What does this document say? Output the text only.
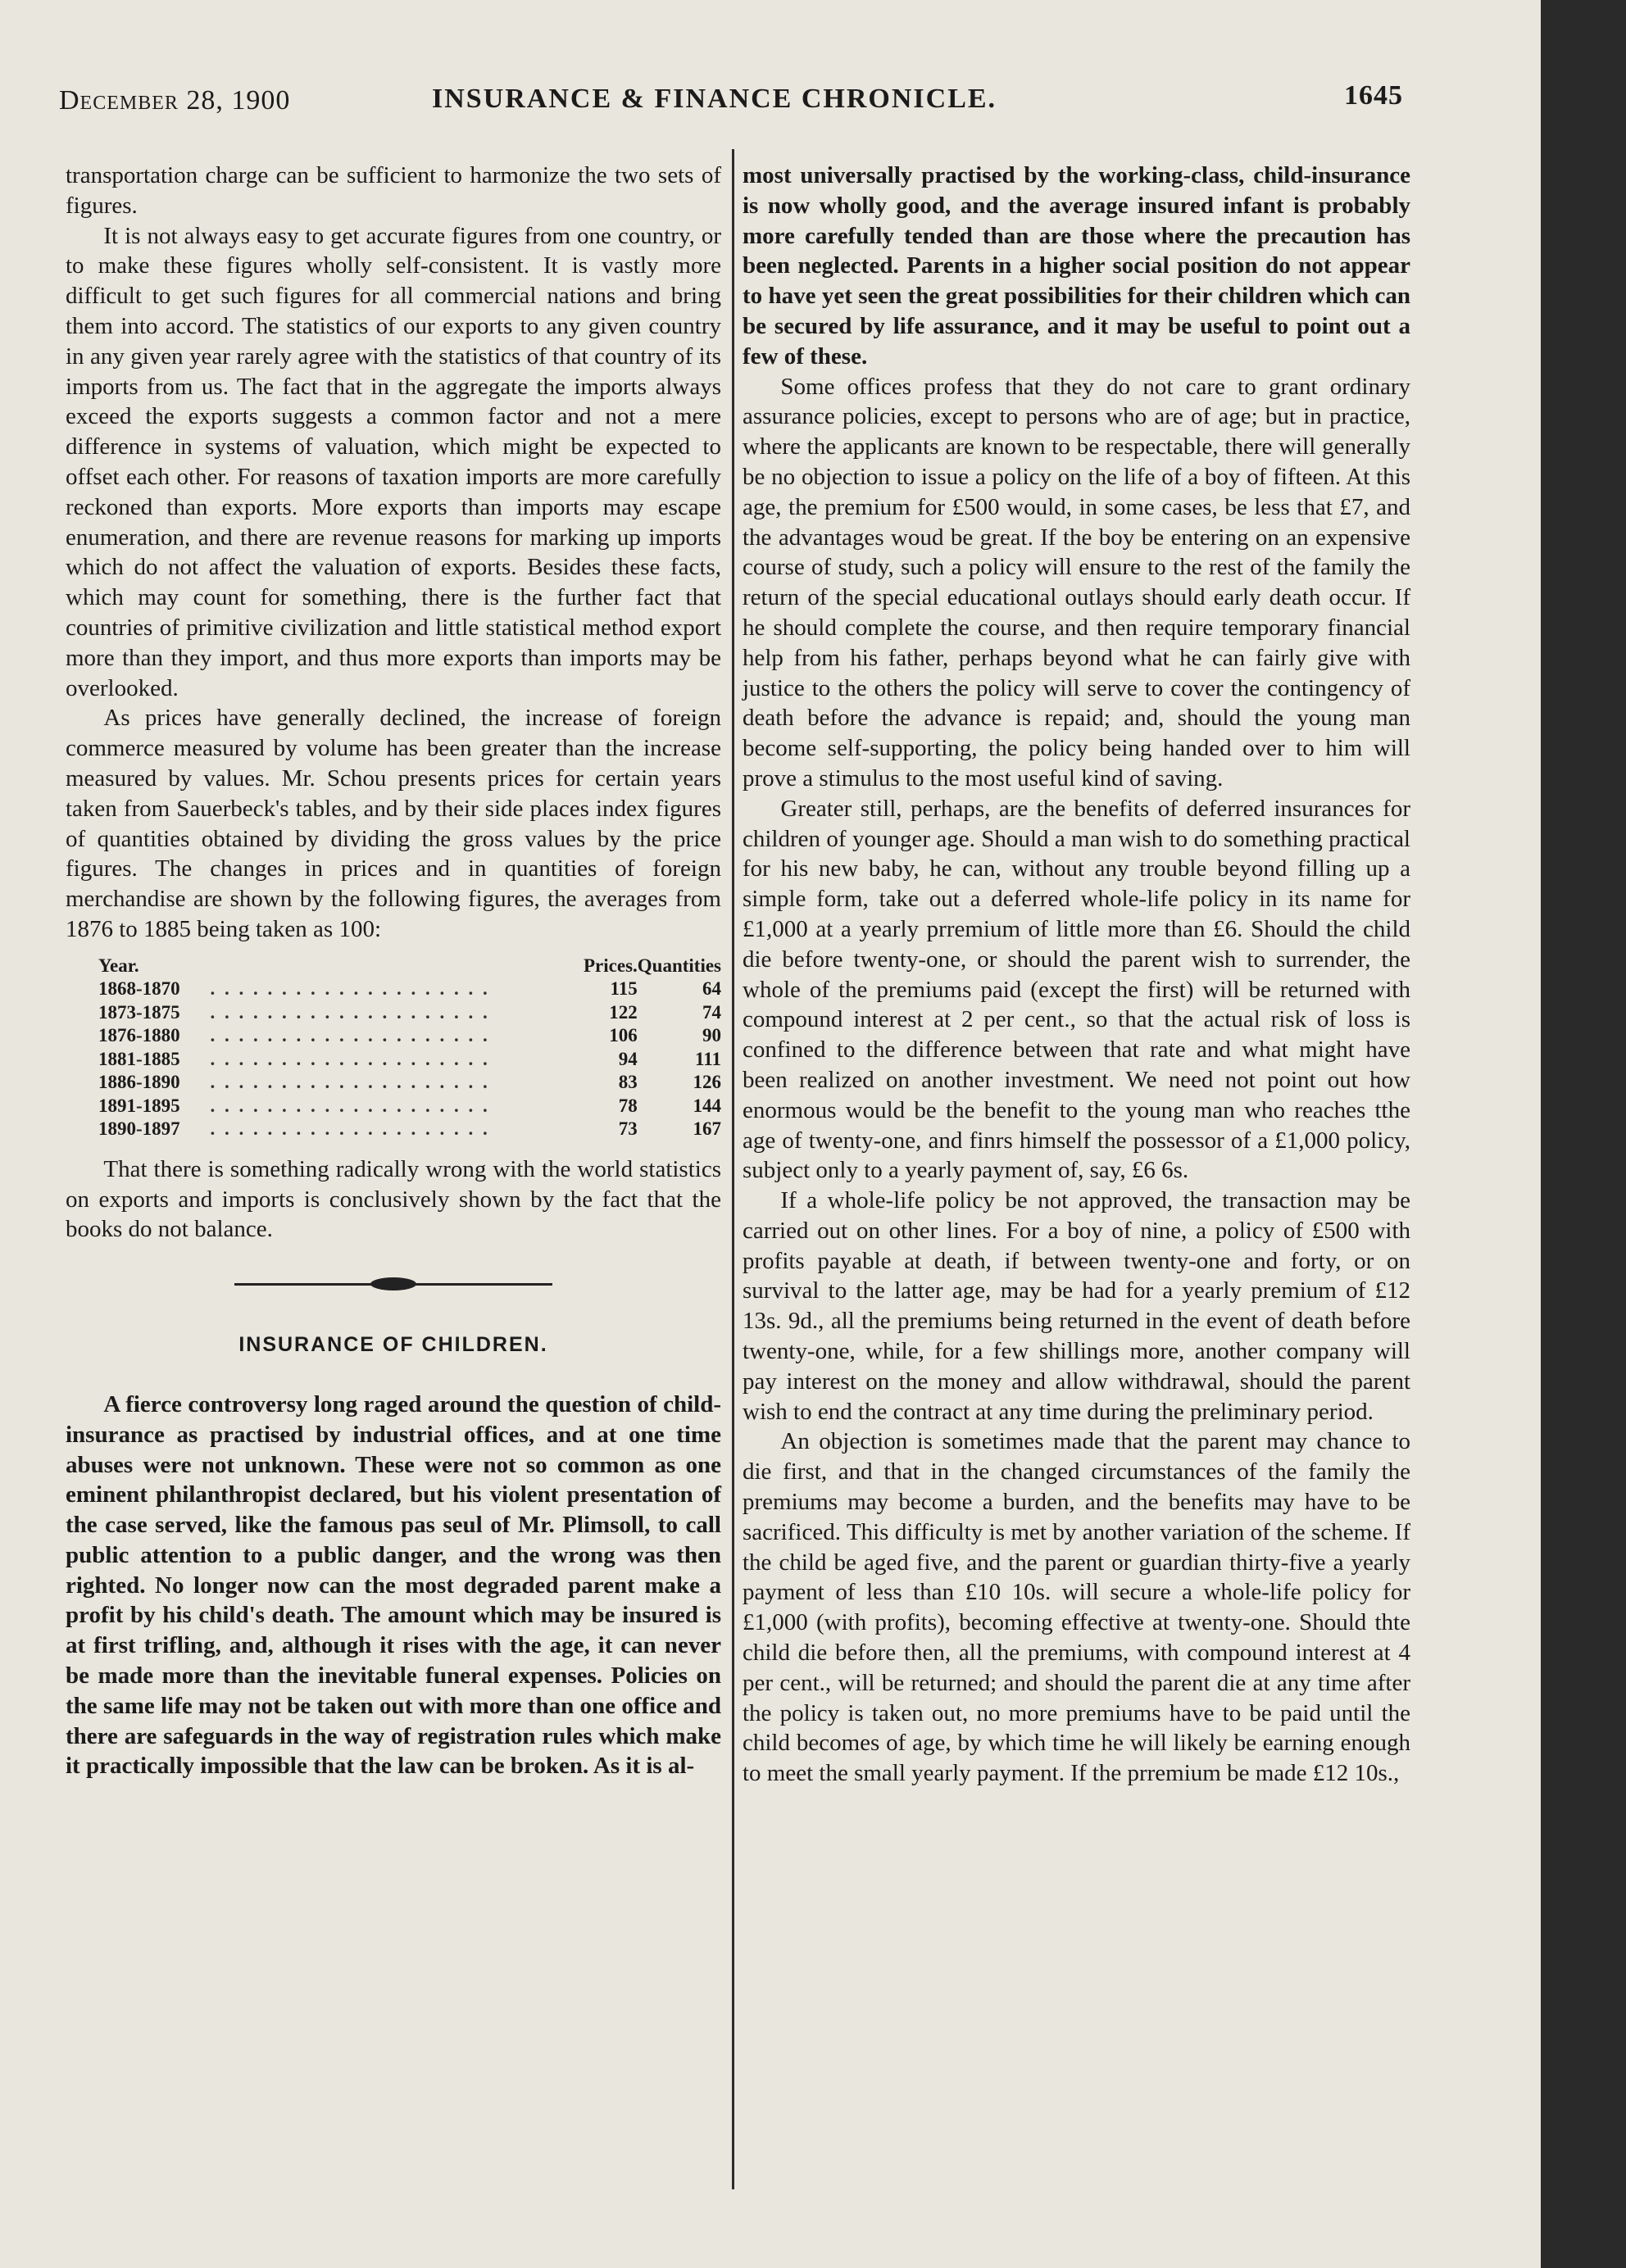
December 28, 1900	INSURANCE & FINANCE CHRONICLE.	1645

transportation charge can be sufficient to harmonize the two sets of figures.

It is not always easy to get accurate figures from one country, or to make these figures wholly self-consistent. It is vastly more difficult to get such figures for all commercial nations and bring them into accord. The statistics of our exports to any given country in any given year rarely agree with the statistics of that country of its imports from us. The fact that in the aggregate the imports always exceed the exports suggests a common factor and not a mere difference in systems of valuation, which might be expected to offset each other. For reasons of taxation imports are more carefully reckoned than exports. More exports than imports may escape enumeration, and there are revenue reasons for marking up imports which do not affect the valuation of exports. Besides these facts, which may count for something, there is the further fact that countries of primitive civilization and little statistical method export more than they import, and thus more exports than imports may be overlooked.

As prices have generally declined, the increase of foreign commerce measured by volume has been greater than the increase measured by values. Mr. Schou presents prices for certain years taken from Sauerbeck's tables, and by their side places index figures of quantities obtained by dividing the gross values by the price figures. The changes in prices and in quantities of foreign merchandise are shown by the following figures, the averages from 1876 to 1885 being taken as 100:

Year.		Prices.	Quantities
1868-1870	. . . . . . . . . . . . . . . . . . . .	115	64
1873-1875	. . . . . . . . . . . . . . . . . . . .	122	74
1876-1880	. . . . . . . . . . . . . . . . . . . .	106	90
1881-1885	. . . . . . . . . . . . . . . . . . . .	94	111
1886-1890	. . . . . . . . . . . . . . . . . . . .	83	126
1891-1895	. . . . . . . . . . . . . . . . . . . .	78	144
1890-1897	. . . . . . . . . . . . . . . . . . . .	73	167

That there is something radically wrong with the world statistics on exports and imports is conclusively shown by the fact that the books do not balance.

INSURANCE OF CHILDREN.

A fierce controversy long raged around the question of child-insurance as practised by industrial offices, and at one time abuses were not unknown. These were not so common as one eminent philanthropist declared, but his violent presentation of the case served, like the famous pas seul of Mr. Plimsoll, to call public attention to a public danger, and the wrong was then righted. No longer now can the most degraded parent make a profit by his child's death. The amount which may be insured is at first trifling, and, although it rises with the age, it can never be made more than the inevitable funeral expenses. Policies on the same life may not be taken out with more than one office and there are safeguards in the way of registration rules which make it practically impossible that the law can be broken. As it is al-

most universally practised by the working-class, child-insurance is now wholly good, and the average insured infant is probably more carefully tended than are those where the precaution has been neglected. Parents in a higher social position do not appear to have yet seen the great possibilities for their children which can be secured by life assurance, and it may be useful to point out a few of these.

Some offices profess that they do not care to grant ordinary assurance policies, except to persons who are of age; but in practice, where the applicants are known to be respectable, there will generally be no objection to issue a policy on the life of a boy of fifteen. At this age, the premium for £500 would, in some cases, be less that £7, and the advantages woud be great. If the boy be entering on an expensive course of study, such a policy will ensure to the rest of the family the return of the special educational outlays should early death occur. If he should complete the course, and then require temporary financial help from his father, perhaps beyond what he can fairly give with justice to the others the policy will serve to cover the contingency of death before the advance is repaid; and, should the young man become self-supporting, the policy being handed over to him will prove a stimulus to the most useful kind of saving.

Greater still, perhaps, are the benefits of deferred insurances for children of younger age. Should a man wish to do something practical for his new baby, he can, without any trouble beyond filling up a simple form, take out a deferred whole-life policy in its name for £1,000 at a yearly prremium of little more than £6. Should the child die before twenty-one, or should the parent wish to surrender, the whole of the premiums paid (except the first) will be returned with compound interest at 2 per cent., so that the actual risk of loss is confined to the difference between that rate and what might have been realized on another investment. We need not point out how enormous would be the benefit to the young man who reaches tthe age of twenty-one, and finrs himself the possessor of a £1,000 policy, subject only to a yearly payment of, say, £6 6s.

If a whole-life policy be not approved, the transaction may be carried out on other lines. For a boy of nine, a policy of £500 with profits payable at death, if between twenty-one and forty, or on survival to the latter age, may be had for a yearly premium of £12 13s. 9d., all the premiums being returned in the event of death before twenty-one, while, for a few shillings more, another company will pay interest on the money and allow withdrawal, should the parent wish to end the contract at any time during the preliminary period.

An objection is sometimes made that the parent may chance to die first, and that in the changed circumstances of the family the premiums may become a burden, and the benefits may have to be sacrificed. This difficulty is met by another variation of the scheme. If the child be aged five, and the parent or guardian thirty-five a yearly payment of less than £10 10s. will secure a whole-life policy for £1,000 (with profits), becoming effective at twenty-one. Should thte child die before then, all the premiums, with compound interest at 4 per cent., will be returned; and should the parent die at any time after the policy is taken out, no more premiums have to be paid until the child becomes of age, by which time he will likely be earning enough to meet the small yearly payment. If the prremium be made £12 10s.,
